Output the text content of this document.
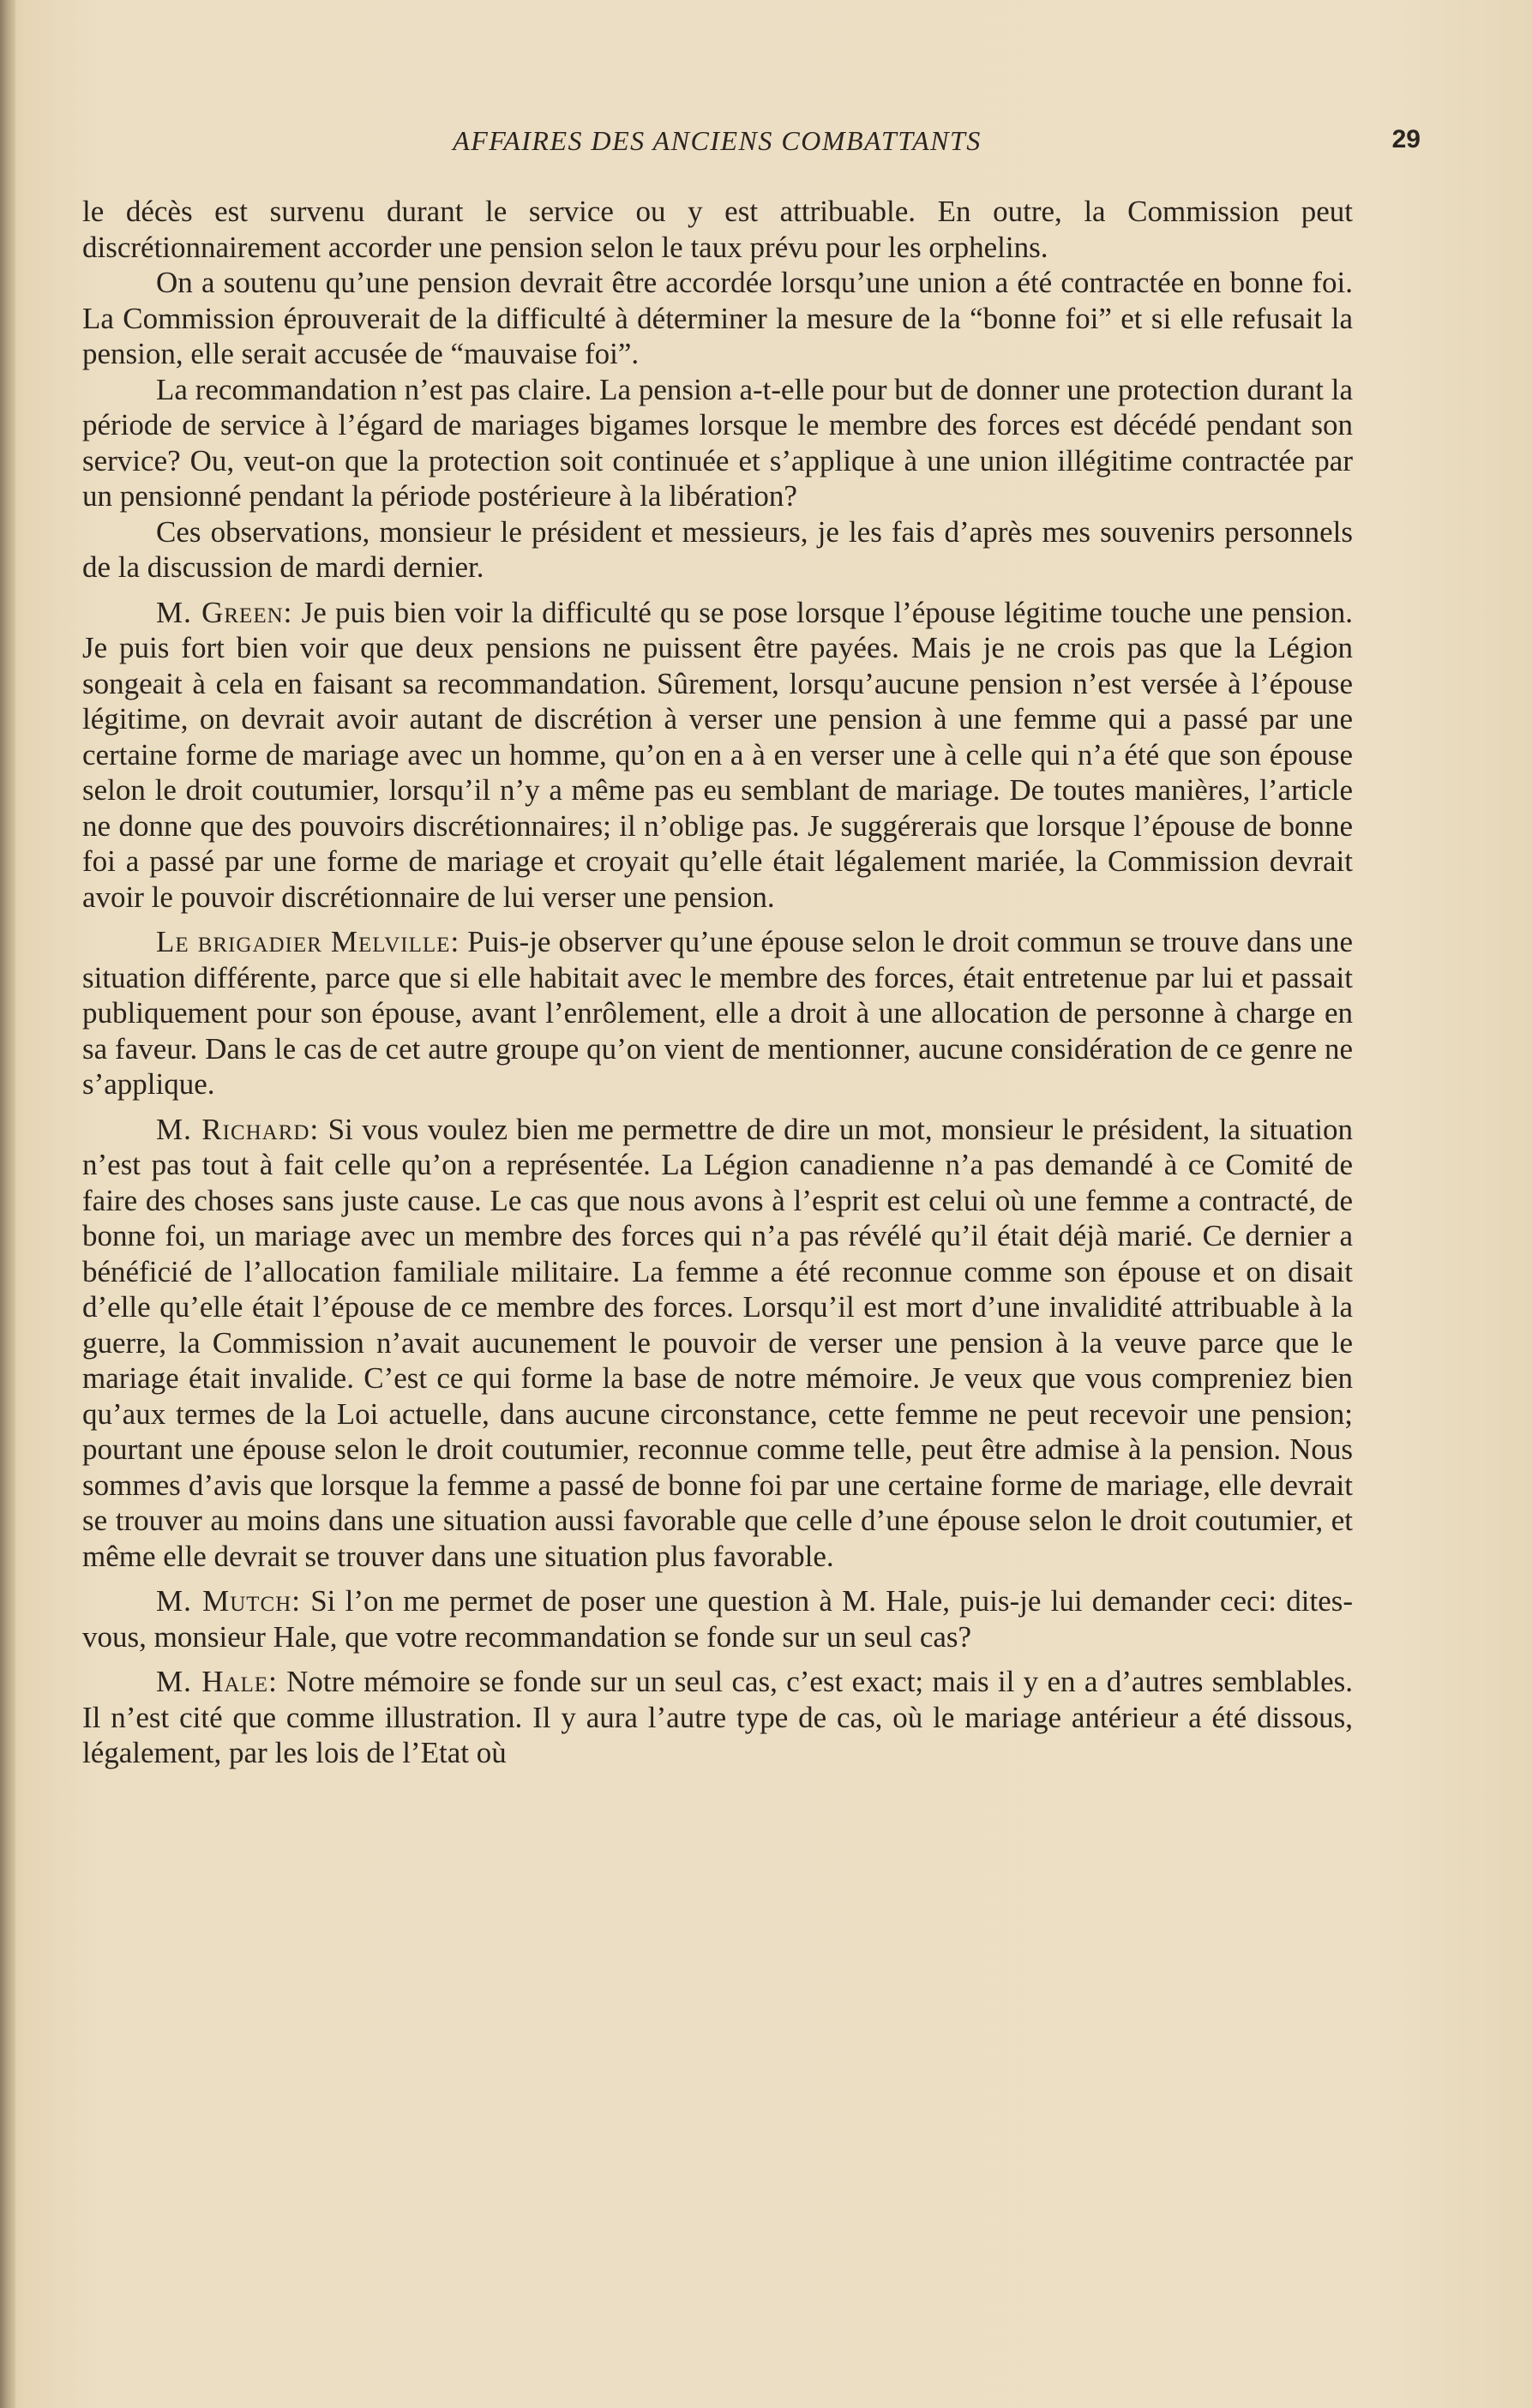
AFFAIRES DES ANCIENS COMBATTANTS	29

le décès est survenu durant le service ou y est attribuable. En outre, la Commission peut discrétionnairement accorder une pension selon le taux prévu pour les orphelins.

On a soutenu qu’une pension devrait être accordée lorsqu’une union a été contractée en bonne foi. La Commission éprouverait de la difficulté à déterminer la mesure de la “bonne foi” et si elle refusait la pension, elle serait accusée de “mauvaise foi”.

La recommandation n’est pas claire. La pension a-t-elle pour but de donner une protection durant la période de service à l’égard de mariages bigames lorsque le membre des forces est décédé pendant son service? Ou, veut-on que la protection soit continuée et s’applique à une union illégitime contractée par un pensionné pendant la période postérieure à la libération?

Ces observations, monsieur le président et messieurs, je les fais d’après mes souvenirs personnels de la discussion de mardi dernier.

M. Green: Je puis bien voir la difficulté qu se pose lorsque l’épouse légitime touche une pension. Je puis fort bien voir que deux pensions ne puissent être payées. Mais je ne crois pas que la Légion songeait à cela en faisant sa recommandation. Sûrement, lorsqu’aucune pension n’est versée à l’épouse légitime, on devrait avoir autant de discrétion à verser une pension à une femme qui a passé par une certaine forme de mariage avec un homme, qu’on en a à en verser une à celle qui n’a été que son épouse selon le droit coutumier, lorsqu’il n’y a même pas eu semblant de mariage. De toutes manières, l’article ne donne que des pouvoirs discrétionnaires; il n’oblige pas. Je suggérerais que lorsque l’épouse de bonne foi a passé par une forme de mariage et croyait qu’elle était légalement mariée, la Commission devrait avoir le pouvoir discrétionnaire de lui verser une pension.

Le brigadier Melville: Puis-je observer qu’une épouse selon le droit commun se trouve dans une situation différente, parce que si elle habitait avec le membre des forces, était entretenue par lui et passait publiquement pour son épouse, avant l’enrôlement, elle a droit à une allocation de personne à charge en sa faveur. Dans le cas de cet autre groupe qu’on vient de mentionner, aucune considération de ce genre ne s’applique.

M. Richard: Si vous voulez bien me permettre de dire un mot, monsieur le président, la situation n’est pas tout à fait celle qu’on a représentée. La Légion canadienne n’a pas demandé à ce Comité de faire des choses sans juste cause. Le cas que nous avons à l’esprit est celui où une femme a contracté, de bonne foi, un mariage avec un membre des forces qui n’a pas révélé qu’il était déjà marié. Ce dernier a bénéficié de l’allocation familiale militaire. La femme a été reconnue comme son épouse et on disait d’elle qu’elle était l’épouse de ce membre des forces. Lorsqu’il est mort d’une invalidité attribuable à la guerre, la Commission n’avait aucunement le pouvoir de verser une pension à la veuve parce que le mariage était invalide. C’est ce qui forme la base de notre mémoire. Je veux que vous compreniez bien qu’aux termes de la Loi actuelle, dans aucune circonstance, cette femme ne peut recevoir une pension; pourtant une épouse selon le droit coutumier, reconnue comme telle, peut être admise à la pension. Nous sommes d’avis que lorsque la femme a passé de bonne foi par une certaine forme de mariage, elle devrait se trouver au moins dans une situation aussi favorable que celle d’une épouse selon le droit coutumier, et même elle devrait se trouver dans une situation plus favorable.

M. Mutch: Si l’on me permet de poser une question à M. Hale, puis-je lui demander ceci: dites-vous, monsieur Hale, que votre recommandation se fonde sur un seul cas?

M. Hale: Notre mémoire se fonde sur un seul cas, c’est exact; mais il y en a d’autres semblables. Il n’est cité que comme illustration. Il y aura l’autre type de cas, où le mariage antérieur a été dissous, légalement, par les lois de l’Etat où
